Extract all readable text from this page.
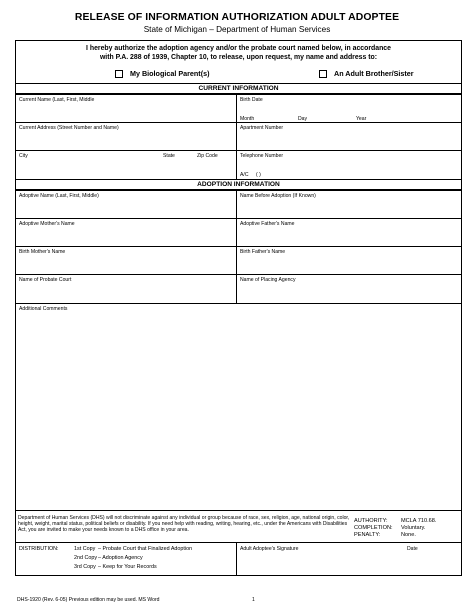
RELEASE OF INFORMATION AUTHORIZATION ADULT ADOPTEE
State of Michigan – Department of Human Services
I hereby authorize the adoption agency and/or the probate court named below, in accordance
with P.A. 288 of 1939, Chapter 10, to release, upon request, my name and address to:
My Biological Parent(s)	An Adult Brother/Sister
CURRENT INFORMATION
Current Name (Last, First, Middle	Birth Date
Month	Day	Year
Current Address (Street Number and Name)	Apartment Number
City	State	Zip Code	Telephone Number
A/C ( )
ADOPTION INFORMATION
Adoptive Name (Last, First, Middle)	Name Before Adoption (If Known)
Adoptive Mother's Name	Adoptive Father's Name
Birth Mother's Name	Birth Father's Name
Name of Probate Court	Name of Placing Agency
Additional Comments
Department of Human Services (DHS) will not discriminate against any individual or group because of race, sex, religion, age, national origin, color, height, weight, marital status, political beliefs or disability. If you need help with reading, writing, hearing, etc., under the Americans with Disabilities Act, you are invited to make your needs known to a DHS office in your area.
AUTHORITY: MCLA 710.68.
COMPLETION: Voluntary.
PENALTY:	None.
DISTRIBUTION:	1st Copy – Probate Court that Finalized Adoption
2nd Copy – Adoption Agency
3rd Copy – Keep for Your Records
Adult Adoptee's Signature	Date
DHS-1920 (Rev. 6-05) Previous edition may be used. MS Word	1
